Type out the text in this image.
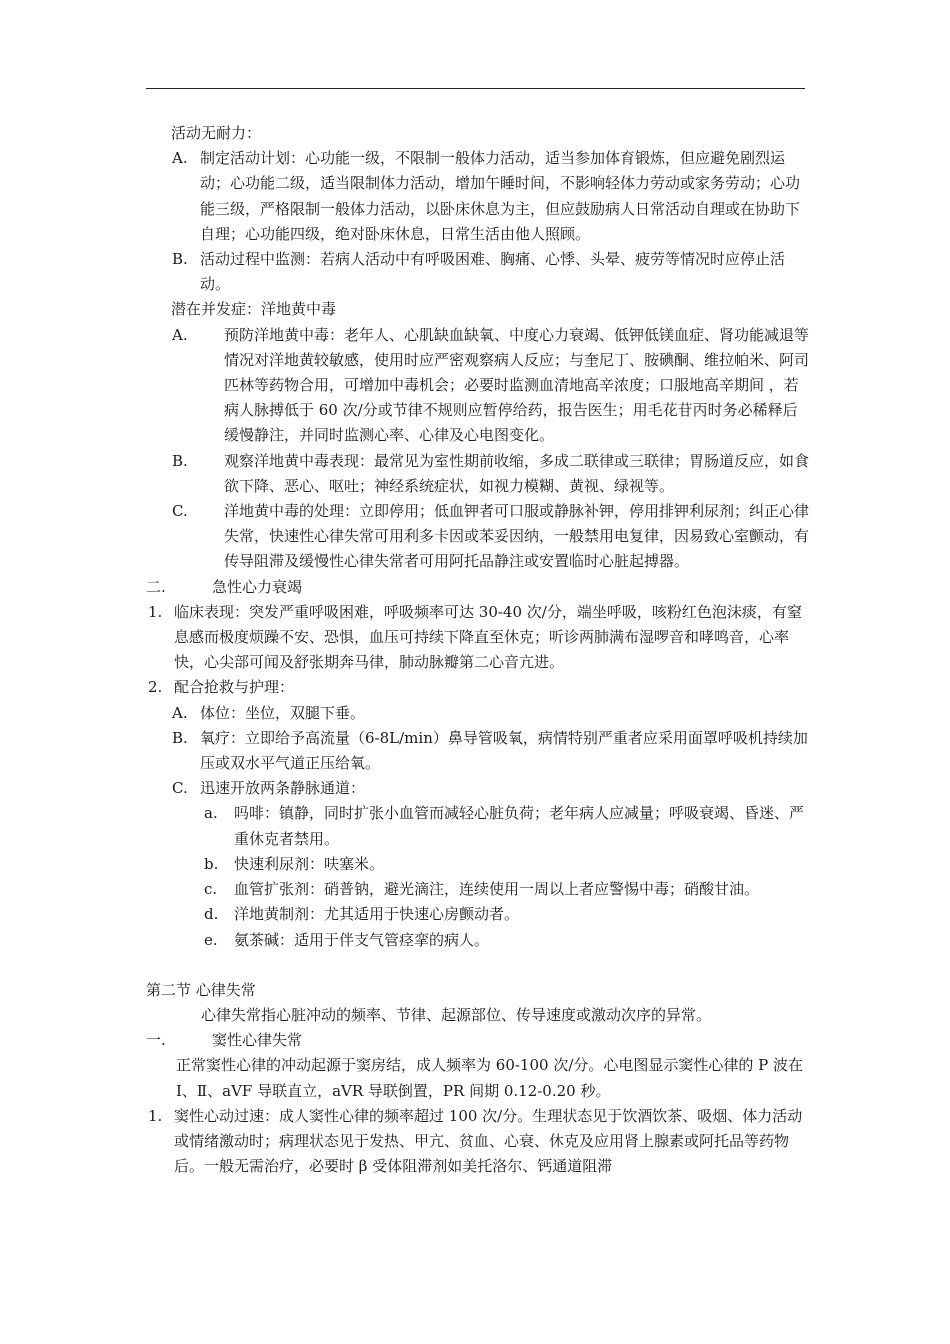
活动无耐力：
A. 制定活动计划：心功能一级，不限制一般体力活动，适当参加体育锻炼，但应避免剧烈运动；心功能二级，适当限制体力活动，增加午睡时间，不影响轻体力劳动或家务劳动；心功能三级，严格限制一般体力活动，以卧床休息为主，但应鼓励病人日常活动自理或在协助下自理；心功能四级，绝对卧床休息，日常生活由他人照顾。
B. 活动过程中监测：若病人活动中有呼吸困难、胸痛、心悸、头晕、疲劳等情况时应停止活动。
潜在并发症：洋地黄中毒
A. 预防洋地黄中毒：老年人、心肌缺血缺氧、中度心力衰竭、低钾低镁血症、肾功能减退等情况对洋地黄较敏感，使用时应严密观察病人反应；与奎尼丁、胺碘酮、维拉帕米、阿司匹林等药物合用，可增加中毒机会；必要时监测血清地高辛浓度；口服地高辛期间 ，若病人脉搏低于 60 次/分或节律不规则应暂停给药，报告医生；用毛花苷丙时务必稀释后缓慢静注，并同时监测心率、心律及心电图变化。
B. 观察洋地黄中毒表现：最常见为室性期前收缩，多成二联律或三联律；胃肠道反应，如食欲下降、恶心、呕吐；神经系统症状，如视力模糊、黄视、绿视等。
C. 洋地黄中毒的处理：立即停用；低血钾者可口服或静脉补钾，停用排钾利尿剂；纠正心律失常，快速性心律失常可用利多卡因或苯妥因纳，一般禁用电复律，因易致心室颤动，有传导阻滞及缓慢性心律失常者可用阿托品静注或安置临时心脏起搏器。
二.	急性心力衰竭
1. 临床表现：突发严重呼吸困难，呼吸频率可达 30-40 次/分，端坐呼吸，咳粉红色泡沫痰，有窒息感而极度烦躁不安、恐惧，血压可持续下降直至休克；听诊两肺满布湿啰音和哮鸣音，心率快，心尖部可闻及舒张期奔马律，肺动脉瓣第二心音亢进。
2. 配合抢救与护理：
A. 体位：坐位，双腿下垂。
B. 氧疗：立即给予高流量（6-8L/min）鼻导管吸氧，病情特别严重者应采用面罩呼吸机持续加压或双水平气道正压给氧。
C. 迅速开放两条静脉通道：
a. 吗啡：镇静，同时扩张小血管而减轻心脏负荷；老年病人应减量；呼吸衰竭、昏迷、严重休克者禁用。
b. 快速利尿剂：呋塞米。
c. 血管扩张剂：硝普钠，避光滴注，连续使用一周以上者应警惕中毒；硝酸甘油。
d. 洋地黄制剂：尤其适用于快速心房颤动者。
e. 氨茶碱：适用于伴支气管痉挛的病人。
第二节 心律失常
心律失常指心脏冲动的频率、节律、起源部位、传导速度或激动次序的异常。
一.	窦性心律失常
正常窦性心律的冲动起源于窦房结，成人频率为 60-100 次/分。心电图显示窦性心律的 P 波在Ⅰ、Ⅱ、aVF 导联直立，aVR 导联倒置，PR 间期 0.12-0.20 秒。
1. 窦性心动过速：成人窦性心律的频率超过 100 次/分。生理状态见于饮酒饮茶、吸烟、体力活动或情绪激动时；病理状态见于发热、甲亢、贫血、心衰、休克及应用肾上腺素或阿托品等药物后。一般无需治疗，必要时 β 受体阻滞剂如美托洛尔、钙通道阻滞
